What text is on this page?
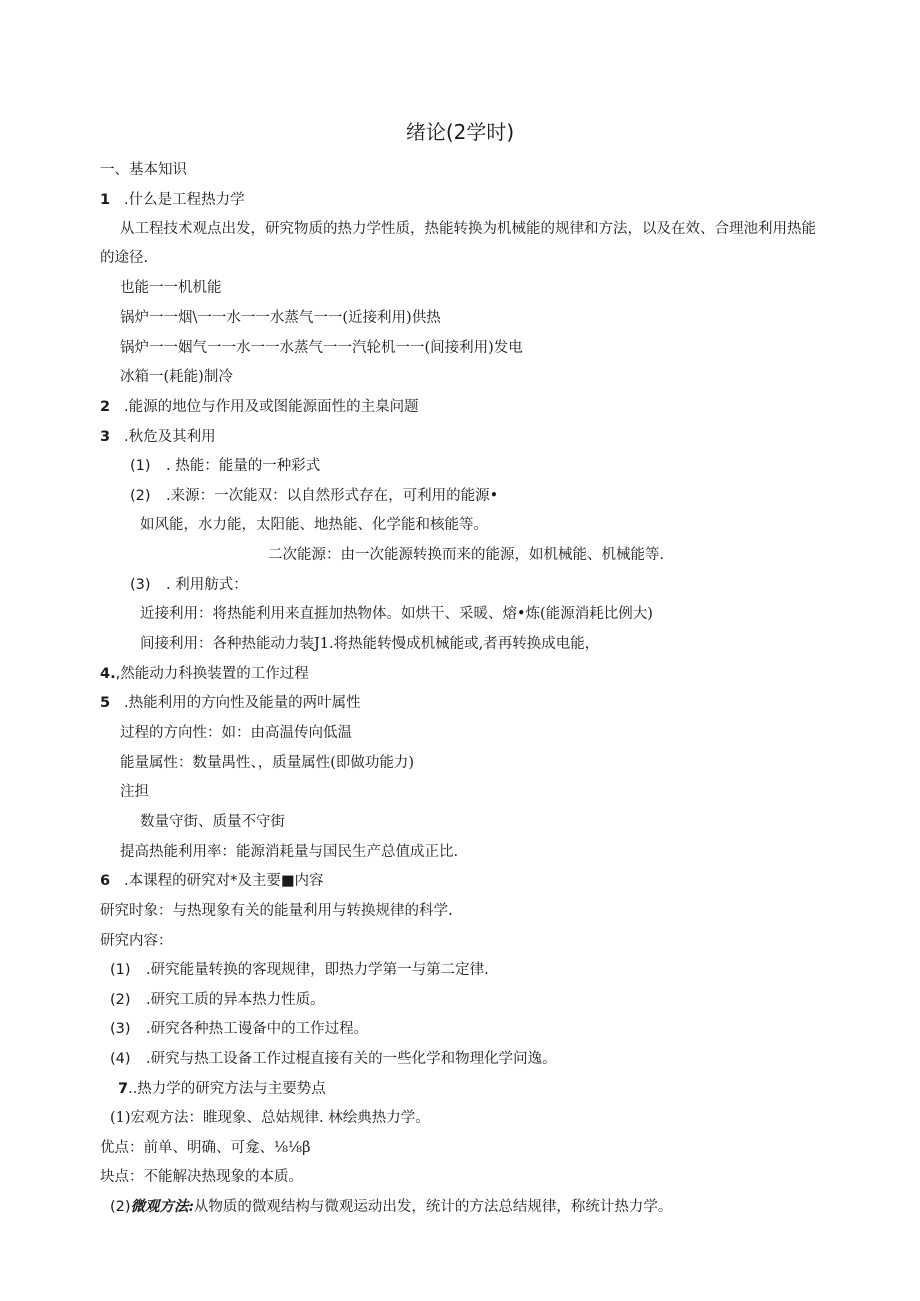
绪论(2学时)
一、基本知识
1 .什么是工程热力学
从工程技术观点出发，研究物质的热力学性质，热能转换为机械能的规律和方法，以及在效、合理池利用热能
的途径.
也能一一机机能
锅炉一一烟\一一水一一水蒸气一一(近接利用)供热
锅炉一一姻气一一水一一水蒸气一一汽轮机一一(间接利用)发电
冰箱一(耗能)制冷
2 .能源的地位与作用及或图能源面性的主臬问题
3 .秋危及其利用
(1) . 热能：能量的一种彩式
(2) .来源：一次能双：以自然形式存在，可利用的能源•
如风能，水力能，太阳能、地热能、化学能和核能等。
二次能源：由一次能源转换而来的能源，如机械能、机械能等.
(3) . 利用舫式：
近接利用：将热能利用来直捱加热物体。如烘干、采暖、熔•炼(能源消耗比例大)
间接利用：各种热能动力装J1.将热能转慢成机械能或,者再转换成电能，
4.,然能动力科换装置的工作过程
5 .热能利用的方向性及能量的两叶属性
过程的方向性：如：由高温传向低温
能量属性：数量禺性、，质量属性(即做功能力)
注担
数量守街、质量不守街
提高热能利用率：能源消耗量与国民生产总值成正比.
6 .本课程的研究对*及主要■内容
研究时象：与热现象有关的能量利用与转换规律的科学.
研究内容：
(1) .研究能量转换的客现规律，即热力学第一与第二定律.
(2) .研究工质的异本热力性质。
(3) .研究各种热工谩备中的工作过程。
(4) .研究与热工设备工作过棍直接有关的一些化学和物理化学问逸。
7..热力学的研究方法与主要势点
(1)宏观方法：睢现象、总姑规律. 林绘典热力学。
优点：前单、明确、可龛、⅛⅛β
块点：不能解决热现象的本质。
(2)微观方法:从物质的微观结构与微观运动出发，统计的方法总结规律，称统计热力学。
